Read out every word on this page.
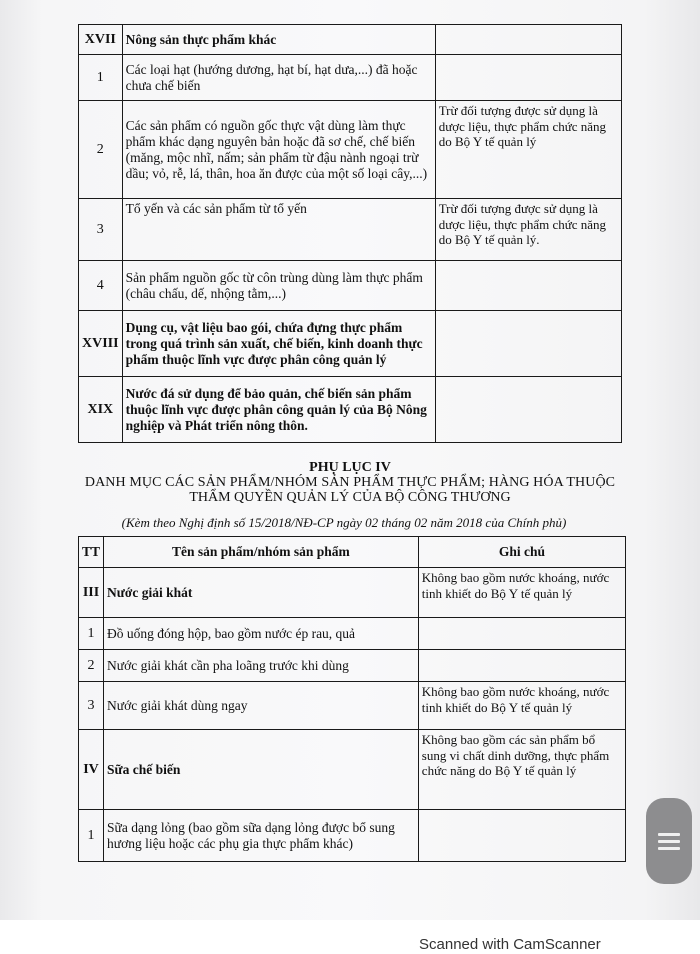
XVII	Nông sản thực phẩm khác	
1	Các loại hạt (hướng dương, hạt bí, hạt dưa,...) đã hoặc chưa chế biến	
2	Các sản phẩm có nguồn gốc thực vật dùng làm thực phẩm khác dạng nguyên bản hoặc đã sơ chế, chế biến (măng, mộc nhĩ, nấm; sản phẩm từ đậu nành ngoại trừ dầu; vỏ, rễ, lá, thân, hoa ăn được của một số loại cây,...)	Trừ đối tượng được sử dụng là dược liệu, thực phẩm chức năng do Bộ Y tế quản lý
3	Tổ yến và các sản phẩm từ tổ yến	Trừ đối tượng được sử dụng là dược liệu, thực phẩm chức năng do Bộ Y tế quản lý.
4	Sản phẩm nguồn gốc từ côn trùng dùng làm thực phẩm (châu chấu, dế, nhộng tằm,...)	
XVIII	Dụng cụ, vật liệu bao gói, chứa đựng thực phẩm trong quá trình sản xuất, chế biến, kinh doanh thực phẩm thuộc lĩnh vực được phân công quản lý	
XIX	Nước đá sử dụng để bảo quản, chế biến sản phẩm thuộc lĩnh vực được phân công quản lý của Bộ Nông nghiệp và Phát triển nông thôn.	
PHỤ LỤC IV
DANH MỤC CÁC SẢN PHẨM/NHÓM SẢN PHẨM THỰC PHẨM; HÀNG HÓA THUỘC
THẨM QUYỀN QUẢN LÝ CỦA BỘ CÔNG THƯƠNG
(Kèm theo Nghị định số 15/2018/NĐ-CP ngày 02 tháng 02 năm 2018 của Chính phủ)
TT	Tên sản phẩm/nhóm sản phẩm	Ghi chú
III	Nước giải khát	Không bao gồm nước khoáng, nước tinh khiết do Bộ Y tế quản lý
1	Đồ uống đóng hộp, bao gồm nước ép rau, quả	
2	Nước giải khát cần pha loãng trước khi dùng	
3	Nước giải khát dùng ngay	Không bao gồm nước khoáng, nước tinh khiết do Bộ Y tế quản lý
IV	Sữa chế biến	Không bao gồm các sản phẩm bổ sung vi chất dinh dưỡng, thực phẩm chức năng do Bộ Y tế quản lý
1	Sữa dạng lỏng (bao gồm sữa dạng lỏng được bổ sung hương liệu hoặc các phụ gia thực phẩm khác)	
Scanned with CamScanner
